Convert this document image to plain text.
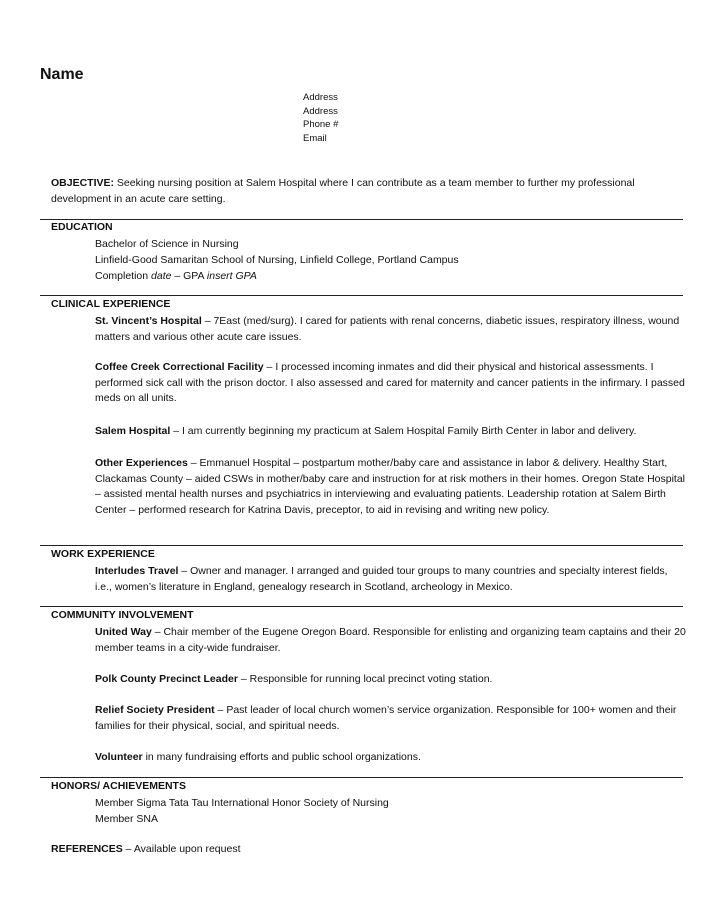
Name
Address
Address
Phone #
Email
OBJECTIVE: Seeking nursing position at Salem Hospital where I can contribute as a team member to further my professional development in an acute care setting.
EDUCATION
Bachelor of Science in Nursing
Linfield-Good Samaritan School of Nursing, Linfield College, Portland Campus
Completion date – GPA insert GPA
CLINICAL EXPERIENCE
St. Vincent’s Hospital – 7East (med/surg). I cared for patients with renal concerns, diabetic issues, respiratory illness, wound matters and various other acute care issues.
Coffee Creek Correctional Facility – I processed incoming inmates and did their physical and historical assessments. I performed sick call with the prison doctor. I also assessed and cared for maternity and cancer patients in the infirmary. I passed meds on all units.
Salem Hospital – I am currently beginning my practicum at Salem Hospital Family Birth Center in labor and delivery.
Other Experiences – Emmanuel Hospital – postpartum mother/baby care and assistance in labor & delivery. Healthy Start, Clackamas County – aided CSWs in mother/baby care and instruction for at risk mothers in their homes. Oregon State Hospital – assisted mental health nurses and psychiatrics in interviewing and evaluating patients. Leadership rotation at Salem Birth Center – performed research for Katrina Davis, preceptor, to aid in revising and writing new policy.
WORK EXPERIENCE
Interludes Travel – Owner and manager. I arranged and guided tour groups to many countries and specialty interest fields, i.e., women’s literature in England, genealogy research in Scotland, archeology in Mexico.
COMMUNITY INVOLVEMENT
United Way – Chair member of the Eugene Oregon Board. Responsible for enlisting and organizing team captains and their 20 member teams in a city-wide fundraiser.
Polk County Precinct Leader – Responsible for running local precinct voting station.
Relief Society President – Past leader of local church women’s service organization. Responsible for 100+ women and their families for their physical, social, and spiritual needs.
Volunteer in many fundraising efforts and public school organizations.
HONORS/ ACHIEVEMENTS
Member Sigma Tata Tau International Honor Society of Nursing
Member SNA
REFERENCES – Available upon request
